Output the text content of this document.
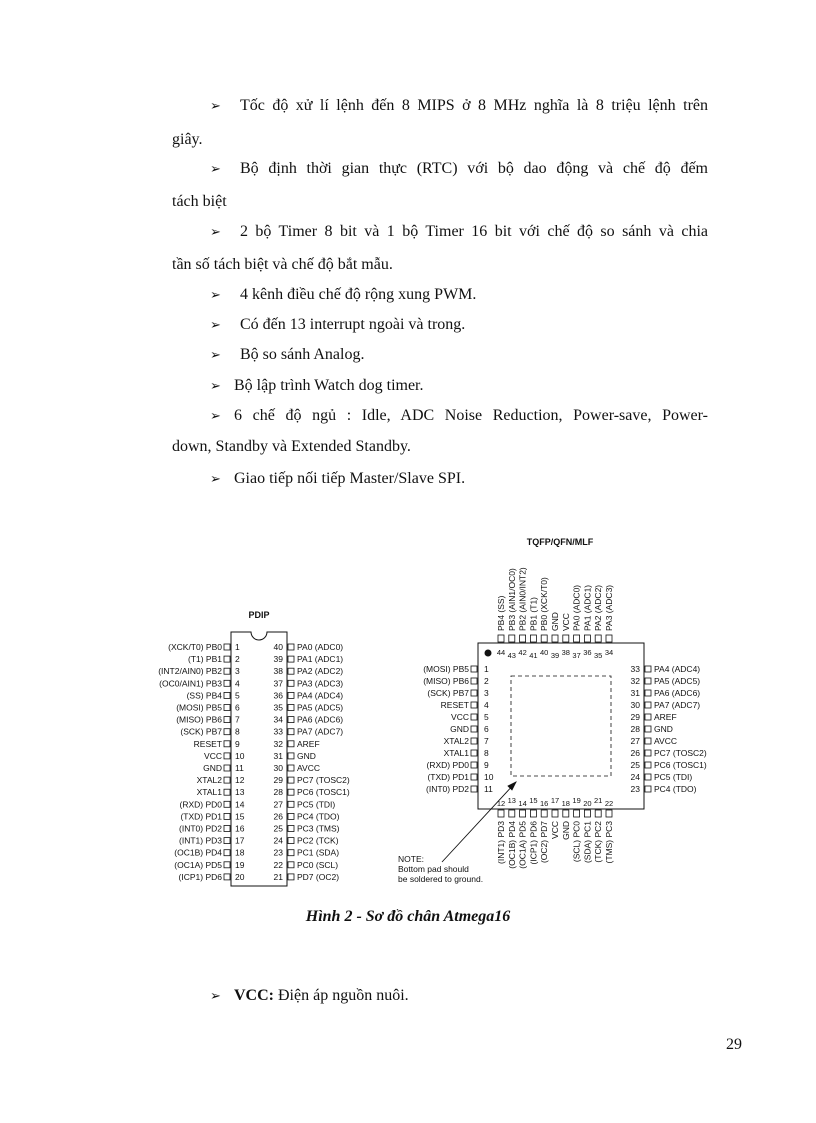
➢ Tốc độ xử lí lệnh đến 8 MIPS ở 8 MHz nghĩa là 8 triệu lệnh trên
giây.
➢ Bộ định thời gian thực (RTC) với bộ dao động và chế độ đếm
tách biệt
➢ 2 bộ Timer 8 bit và 1 bộ Timer 16 bit với chế độ so sánh và chia
tần số tách biệt và chế độ bắt mẫu.
➢ 4 kênh điều chế độ rộng xung PWM.
➢ Có đến 13 interrupt ngoài và trong.
➢ Bộ so sánh Analog.
➢ Bộ lập trình Watch dog timer.
➢ 6 chế độ ngủ : Idle, ADC Noise Reduction, Power-save, Power-
down, Standby và Extended Standby.
➢ Giao tiếp nối tiếp Master/Slave SPI.
PDIP
(XCK/T0) PB0 1
(T1) PB1 2
(INT2/AIN0) PB2 3
(OC0/AIN1) PB3 4
(SS) PB4 5
(MOSI) PB5 6
(MISO) PB6 7
(SCK) PB7 8
RESET 9
VCC 10
GND 11
XTAL2 12
XTAL1 13
(RXD) PD0 14
(TXD) PD1 15
(INT0) PD2 16
(INT1) PD3 17
(OC1B) PD4 18
(OC1A) PD5 19
(ICP1) PD6 20
40 PA0 (ADC0)
39 PA1 (ADC1)
38 PA2 (ADC2)
37 PA3 (ADC3)
36 PA4 (ADC4)
35 PA5 (ADC5)
34 PA6 (ADC6)
33 PA7 (ADC7)
32 AREF
31 GND
30 AVCC
29 PC7 (TOSC2)
28 PC6 (TOSC1)
27 PC5 (TDI)
26 PC4 (TDO)
25 PC3 (TMS)
24 PC2 (TCK)
23 PC1 (SDA)
22 PC0 (SCL)
21 PD7 (OC2)
TQFP/QFN/MLF
(MOSI) PB5 1
(MISO) PB6 2
(SCK) PB7 3
RESET 4
VCC 5
GND 6
XTAL2 7
XTAL1 8
(RXD) PD0 9
(TXD) PD1 10
(INT0) PD2 11
33 PA4 (ADC4)
32 PA5 (ADC5)
31 PA6 (ADC6)
30 PA7 (ADC7)
29 AREF
28 GND
27 AVCC
26 PC7 (TOSC2)
25 PC6 (TOSC1)
24 PC5 (TDI)
23 PC4 (TDO)
44
PB4 (SS)
43
PB3 (AIN1/OC0)
42
PB2 (AIN0/INT2)
41
PB1 (T1)
40
PB0 (XCK/T0)
39
GND
38
VCC
37
PA0 (ADC0)
36
PA1 (ADC1)
35
PA2 (ADC2)
34
PA3 (ADC3)
12
(INT1) PD3
13
(OC1B) PD4
14
(OC1A) PD5
15
(ICP1) PD6
16
(OC2) PD7
17
VCC
18
GND
19
(SCL) PC0
20
(SDA) PC1
21
(TCK) PC2
22
(TMS) PC3
NOTE:
Bottom pad should
be soldered to ground.
Hình 2 - Sơ đồ chân Atmega16
➢ VCC: Điện áp nguồn nuôi.
29
